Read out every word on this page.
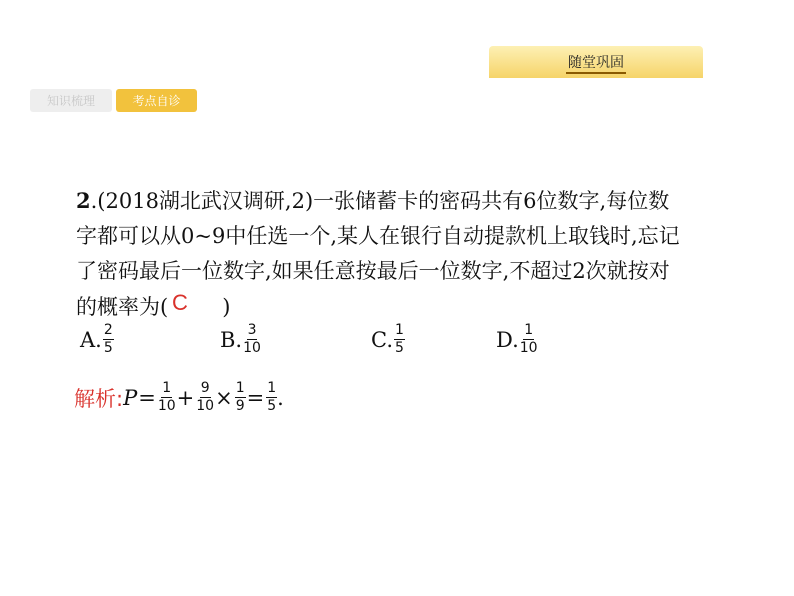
随堂巩固
知识梳理	考点自诊
2.(2018湖北武汉调研,2)一张储蓄卡的密码共有6位数字,每位数
字都可以从0~9中任选一个,某人在银行自动提款机上取钱时,忘记
了密码最后一位数字,如果任意按最后一位数字,不超过2次就按对
的概率为(	)
C
A. $\frac{2}{5}$	B. $\frac{3}{10}$	C. $\frac{1}{5}$	D. $\frac{1}{10}$
解析: $P = \frac{1}{10} + \frac{9}{10} \times \frac{1}{9} = \frac{1}{5}$ .
